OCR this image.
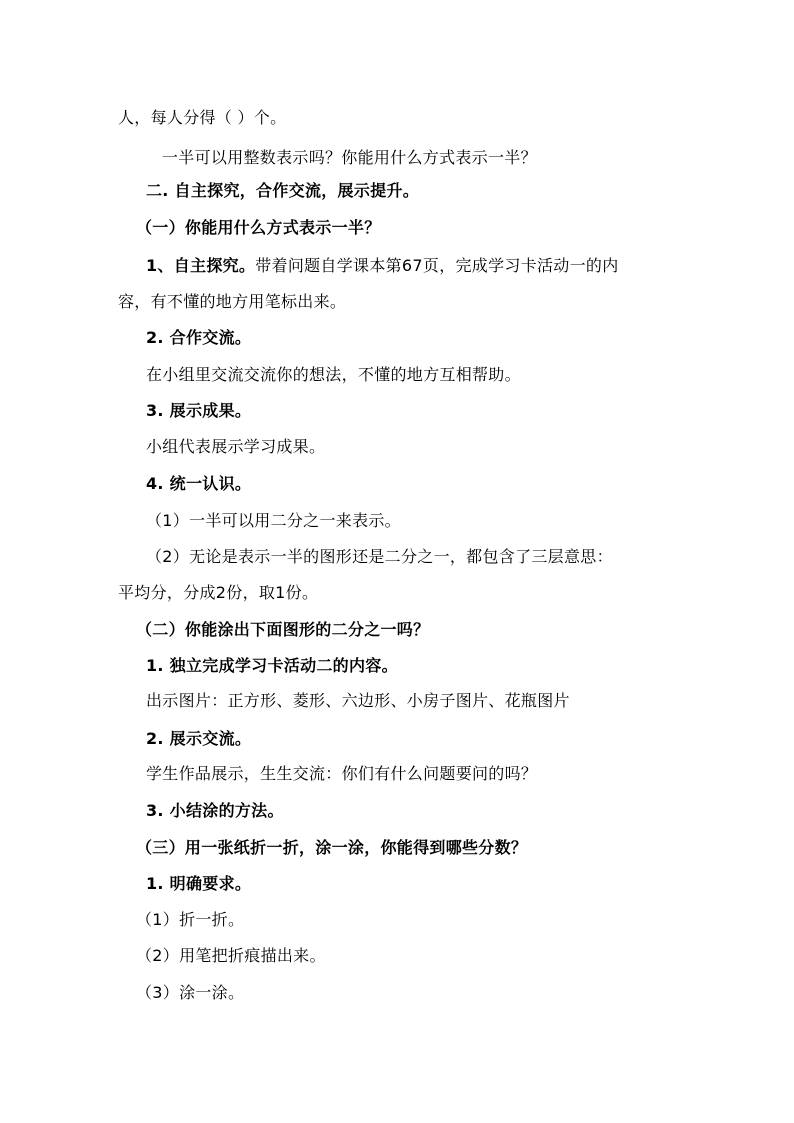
人，每人分得（ ）个。
一半可以用整数表示吗？你能用什么方式表示一半？
二. 自主探究，合作交流，展示提升。
（一）你能用什么方式表示一半？
1、自主探究。带着问题自学课本第67页，完成学习卡活动一的内
容，有不懂的地方用笔标出来。
2. 合作交流。
在小组里交流交流你的想法，不懂的地方互相帮助。
3. 展示成果。
小组代表展示学习成果。
4. 统一认识。
（1）一半可以用二分之一来表示。
（2）无论是表示一半的图形还是二分之一，都包含了三层意思：
平均分，分成2份，取1份。
（二）你能涂出下面图形的二分之一吗？
1. 独立完成学习卡活动二的内容。
出示图片：正方形、菱形、六边形、小房子图片、花瓶图片
2. 展示交流。
学生作品展示，生生交流：你们有什么问题要问的吗？
3. 小结涂的方法。
（三）用一张纸折一折，涂一涂，你能得到哪些分数？
1. 明确要求。
（1）折一折。
（2）用笔把折痕描出来。
（3）涂一涂。
